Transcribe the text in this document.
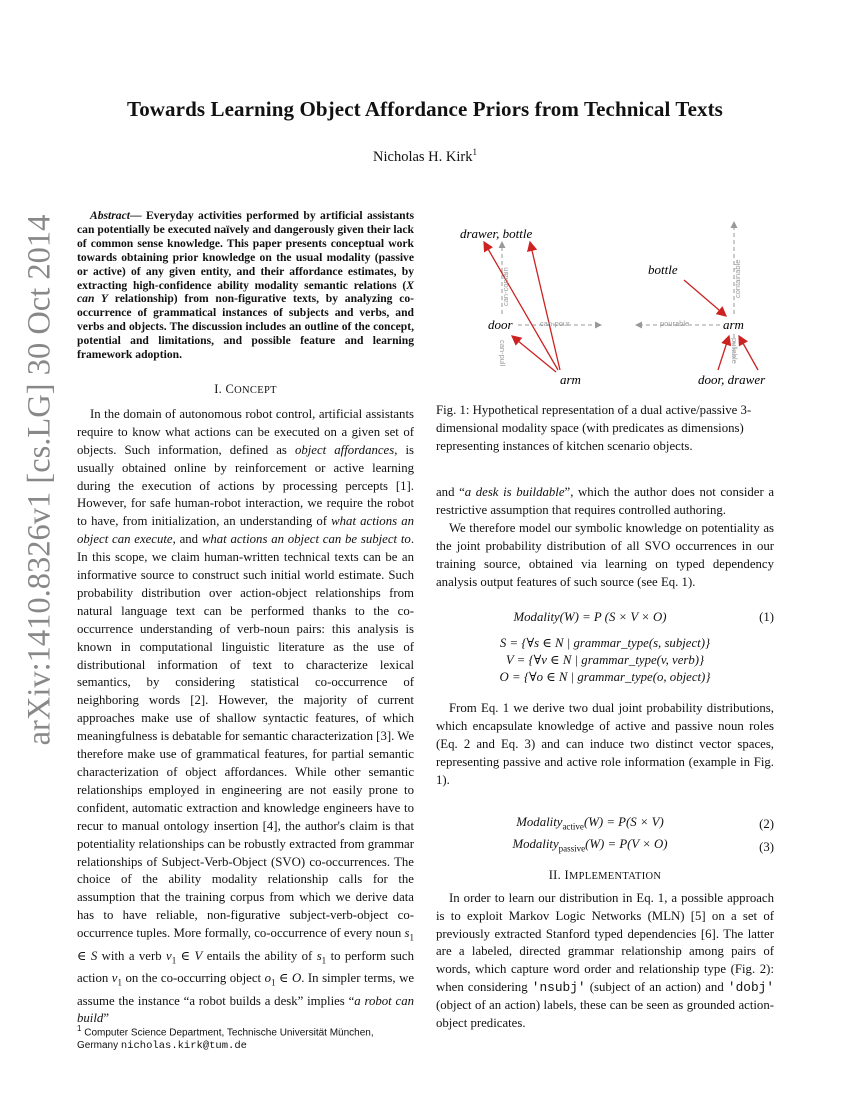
arXiv:1410.8326v1 [cs.LG] 30 Oct 2014
Towards Learning Object Affordance Priors from Technical Texts
Nicholas H. Kirk$^1$

Abstract— Everyday activities performed by artificial assistants can potentially be executed naïvely and dangerously given their lack of common sense knowledge. This paper presents conceptual work towards obtaining prior knowledge on the usual modality (passive or active) of any given entity, and their affordance estimates, by extracting high-confidence ability modality semantic relations (X can Y relationship) from non-figurative texts, by analyzing co-occurrence of grammatical instances of subjects and verbs, and verbs and objects. The discussion includes an outline of the concept, potential and limitations, and possible feature and learning framework adoption.

I. CONCEPT

In the domain of autonomous robot control, artificial assistants require to know what actions can be executed on a given set of objects. Such information, defined as object affordances, is usually obtained online by reinforcement or active learning during the execution of actions by processing percepts [1]. However, for safe human-robot interaction, we require the robot to have, from initialization, an understanding of what actions an object can execute, and what actions an object can be subject to. In this scope, we claim human-written technical texts can be an informative source to construct such initial world estimate. Such probability distribution over action-object relationships from natural language text can be performed thanks to the co-occurrence understanding of verb-noun pairs: this analysis is known in computational linguistic literature as the use of distributional information of text to characterize lexical semantics, by considering statistical co-occurrence of neighboring words [2]. However, the majority of current approaches make use of shallow syntactic features, of which meaningfulness is debatable for semantic characterization [3]. We therefore make use of grammatical features, for partial semantic characterization of object affordances. While other semantic relationships employed in engineering are not easily prone to confident, automatic extraction and knowledge engineers have to recur to manual ontology insertion [4], the author's claim is that potentiality relationships can be robustly extracted from grammar relationships of Subject-Verb-Object (SVO) co-occurrences. The choice of the ability modality relationship calls for the assumption that the training corpus from which we derive data has to have reliable, non-figurative subject-verb-object co-occurrence tuples. More formally, co-occurrence of every noun $s_1$ ∈ S with a verb $v_1$ ∈ V entails the ability of $s_1$ to perform such action $v_1$ on the co-occurring object $o_1$ ∈ O. In simpler terms, we assume the instance “a robot builds a desk” implies “a robot can build”

$^1$ Computer Science Department, Technische Universität München, Germany nicholas.kirk@tum.de
drawer, bottle
door
arm
bottle
arm
door, drawer
can-contain
can-pour
can-pull
pourable
containable
pullable
Fig. 1: Hypothetical representation of a dual active/passive 3-dimensional modality space (with predicates as dimensions) representing instances of kitchen scenario objects.

and “a desk is buildable”, which the author does not consider a restrictive assumption that requires controlled authoring.

We therefore model our symbolic knowledge on potentiality as the joint probability distribution of all SVO occurrences in our training source, obtained via learning on typed dependency analysis output features of such source (see Eq. 1).

Modality(W) = P (S × V × O)	(1)
S = {∀s ∈ N | grammar_type(s, subject)}
V = {∀v ∈ N | grammar_type(v, verb)}
O = {∀o ∈ N | grammar_type(o, object)}

From Eq. 1 we derive two dual joint probability distributions, which encapsulate knowledge of active and passive noun roles (Eq. 2 and Eq. 3) and can induce two distinct vector spaces, representing passive and active role information (example in Fig. 1).

Modality$_{active}$(W) = P(S × V)	(2)
Modality$_{passive}$(W) = P(V × O)	(3)
II. IMPLEMENTATION

In order to learn our distribution in Eq. 1, a possible approach is to exploit Markov Logic Networks (MLN) [5] on a set of previously extracted Stanford typed dependencies [6]. The latter are a labeled, directed grammar relationship among pairs of words, which capture word order and relationship type (Fig. 2): when considering 'nsubj' (subject of an action) and 'dobj' (object of an action) labels, these can be seen as grounded action-object predicates.
